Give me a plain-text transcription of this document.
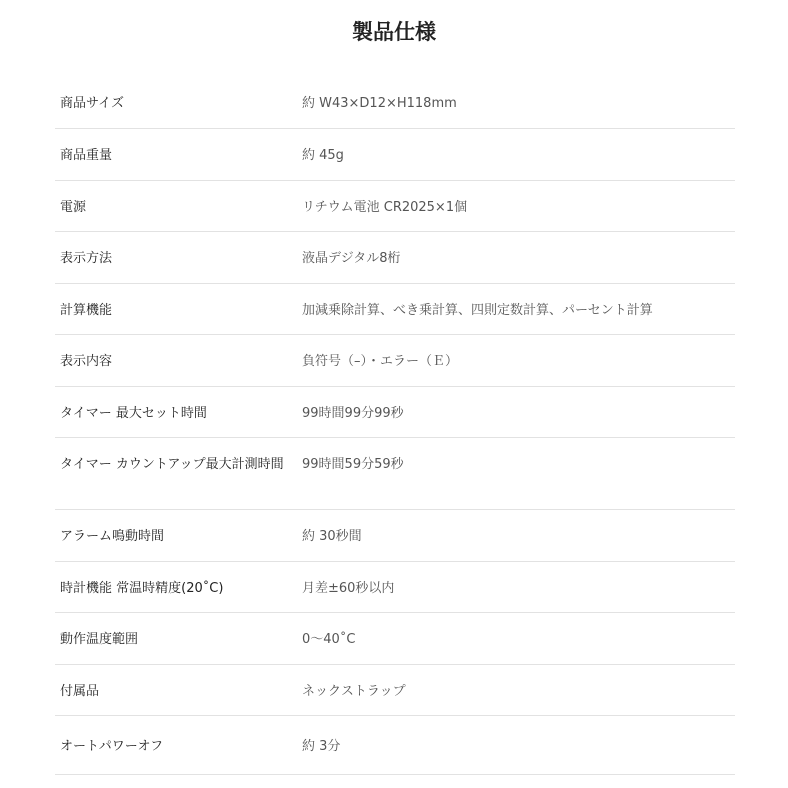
製品仕様
商品サイズ	約 W43×D12×H118mm
商品重量	約 45g
電源	リチウム電池 CR2025×1個
表示方法	液晶デジタル8桁
計算機能	加減乗除計算、べき乗計算、四則定数計算、パーセント計算
表示内容	負符号（–）・エラー（Ｅ）
タイマー 最大セット時間	99時間99分99秒
タイマー カウントアップ最大計測時間	99時間59分59秒
アラーム鳴動時間	約 30秒間
時計機能 常温時精度(20˚C)	月差±60秒以内
動作温度範囲	0～40˚C
付属品	ネックストラップ
オートパワーオフ	約 3分
